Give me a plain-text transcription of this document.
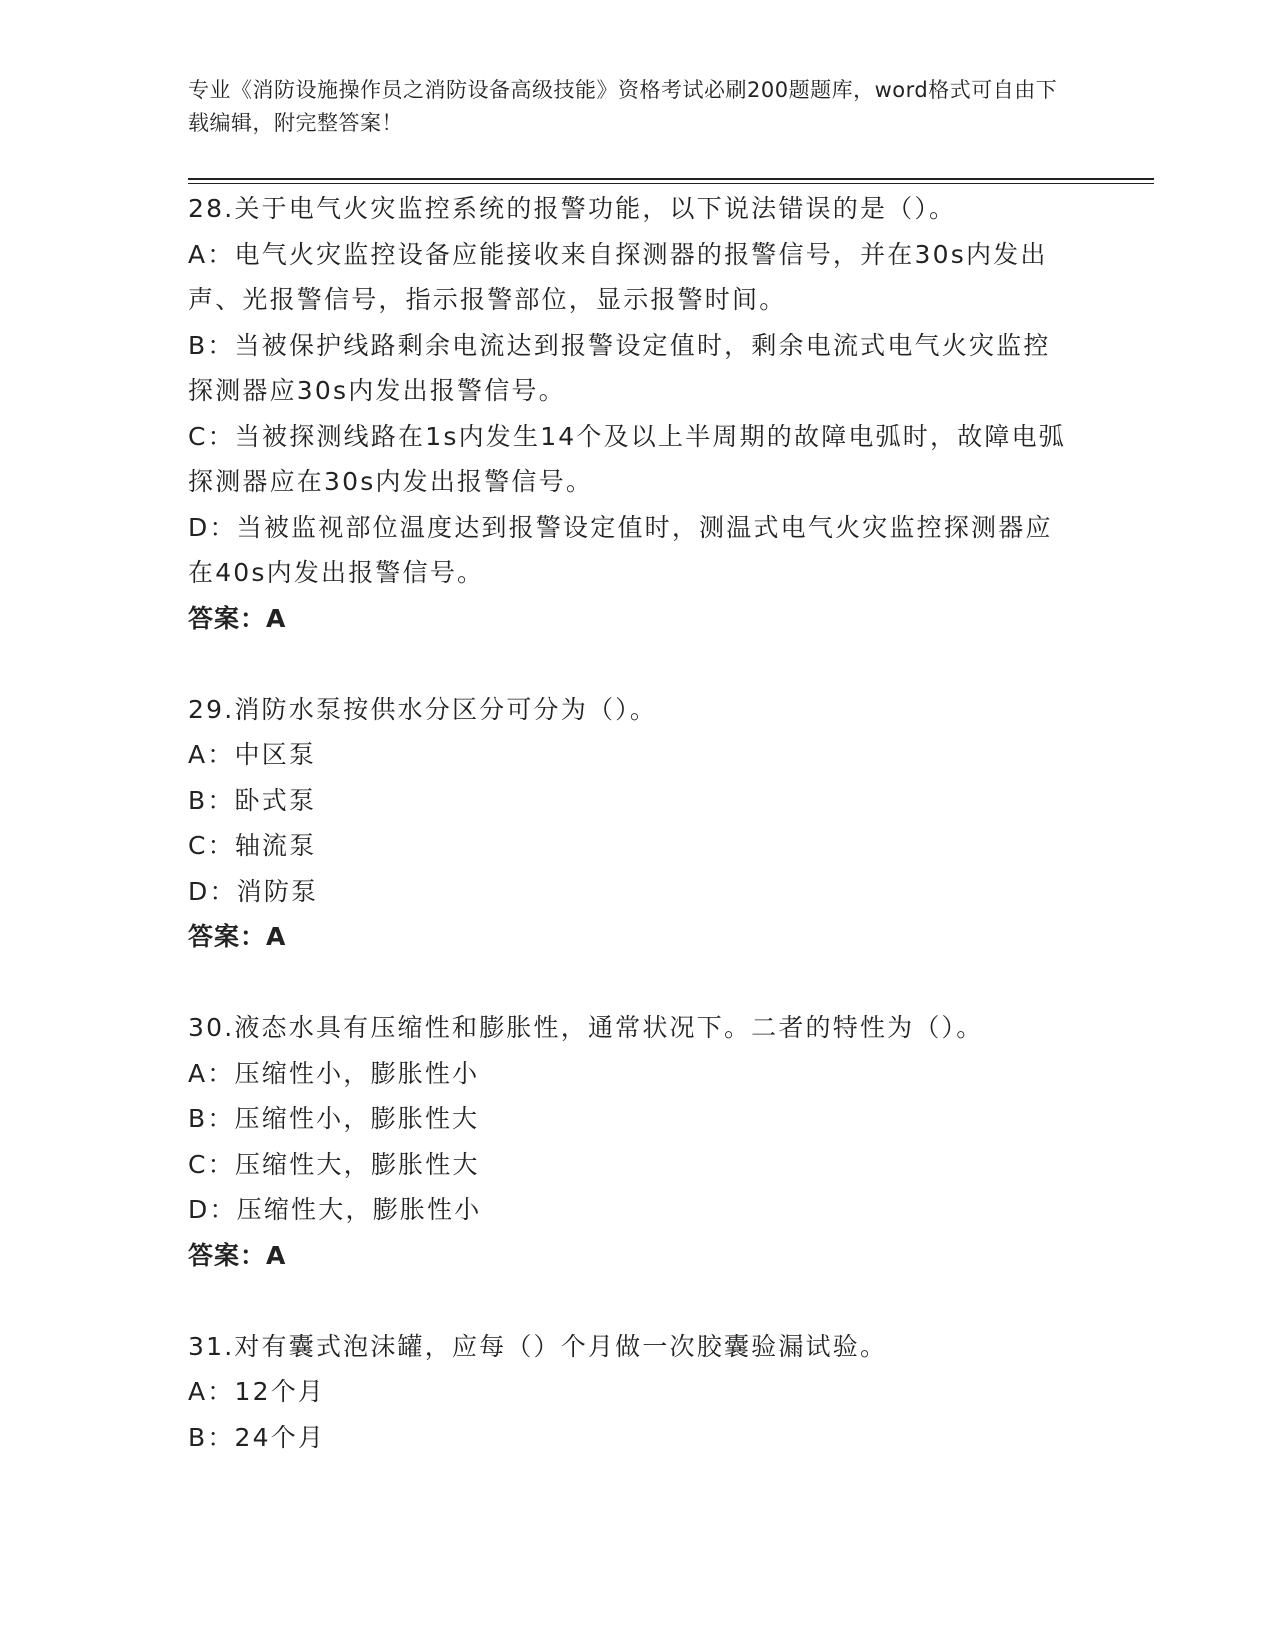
专业《消防设施操作员之消防设备高级技能》资格考试必刷200题题库，word格式可自由下载编辑，附完整答案！

28.关于电气火灾监控系统的报警功能，以下说法错误的是（）。

A：电气火灾监控设备应能接收来自探测器的报警信号，并在30s内发出声、光报警信号，指示报警部位，显示报警时间。

B：当被保护线路剩余电流达到报警设定值时，剩余电流式电气火灾监控探测器应30s内发出报警信号。

C：当被探测线路在1s内发生14个及以上半周期的故障电弧时，故障电弧探测器应在30s内发出报警信号。

D：当被监视部位温度达到报警设定值时，测温式电气火灾监控探测器应在40s内发出报警信号。

答案：A

29.消防水泵按供水分区分可分为（）。

A：中区泵

B：卧式泵

C：轴流泵

D：消防泵

答案：A

30.液态水具有压缩性和膨胀性，通常状况下。二者的特性为（）。

A：压缩性小，膨胀性小

B：压缩性小，膨胀性大

C：压缩性大，膨胀性大

D：压缩性大，膨胀性小

答案：A

31.对有囊式泡沫罐，应每（）个月做一次胶囊验漏试验。

A：12个月

B：24个月
